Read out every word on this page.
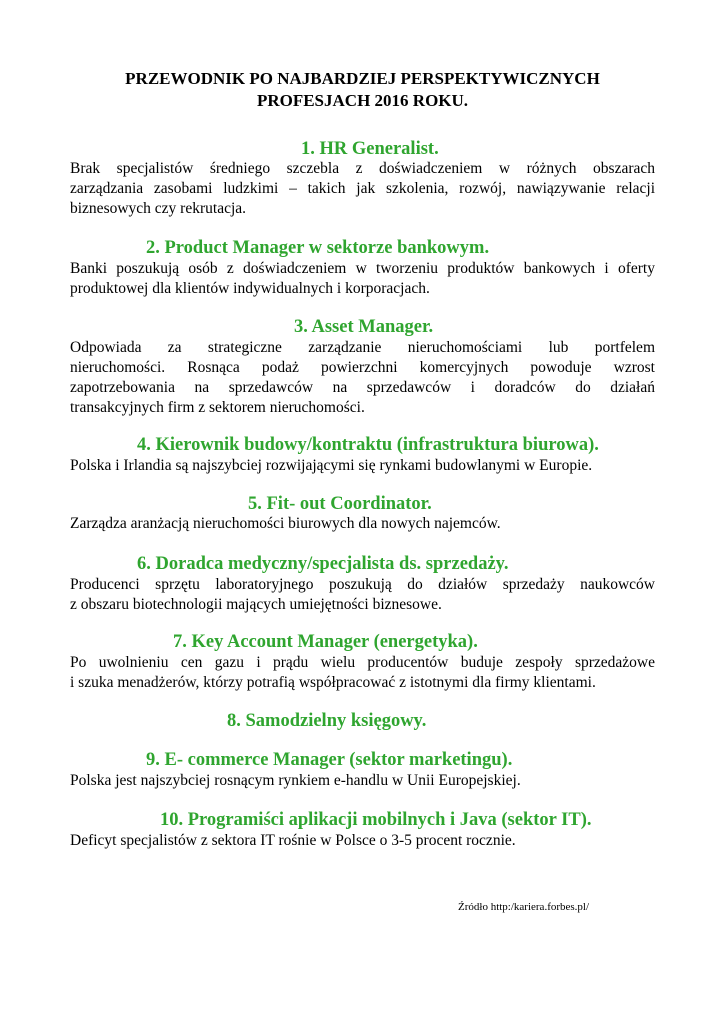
PRZEWODNIK PO NAJBARDZIEJ PERSPEKTYWICZNYCH
PROFESJACH 2016 ROKU.
1. HR Generalist.

Brak specjalistów średniego szczebla z doświadczeniem w różnych obszarach
zarządzania zasobami ludzkimi – takich jak szkolenia, rozwój, nawiązywanie relacji
biznesowych czy rekrutacja.

2. Product Manager w sektorze bankowym.

Banki poszukują osób z doświadczeniem w tworzeniu produktów bankowych i oferty
produktowej dla klientów indywidualnych i korporacjach.

3. Asset Manager.

Odpowiada za strategiczne zarządzanie nieruchomościami lub portfelem
nieruchomości. Rosnąca podaż powierzchni komercyjnych powoduje wzrost
zapotrzebowania na sprzedawców na sprzedawców i doradców do działań
transakcyjnych firm z sektorem nieruchomości.

4. Kierownik budowy/kontraktu (infrastruktura biurowa).

Polska i Irlandia są najszybciej rozwijającymi się rynkami budowlanymi w Europie.

5. Fit- out Coordinator.

Zarządza aranżacją nieruchomości biurowych dla nowych najemców.

6. Doradca medyczny/specjalista ds. sprzedaży.

Producenci sprzętu laboratoryjnego poszukują do działów sprzedaży naukowców
z obszaru biotechnologii mających umiejętności biznesowe.

7. Key Account Manager (energetyka).

Po uwolnieniu cen gazu i prądu wielu producentów buduje zespoły sprzedażowe
i szuka menadżerów, którzy potrafią współpracować z istotnymi dla firmy klientami.

8. Samodzielny księgowy.
9. E- commerce Manager (sektor marketingu).

Polska jest najszybciej rosnącym rynkiem e-handlu w Unii Europejskiej.

10. Programiści aplikacji mobilnych i Java (sektor IT).

Deficyt specjalistów z sektora IT rośnie w Polsce o 3-5 procent rocznie.

Źródło http:/kariera.forbes.pl/
